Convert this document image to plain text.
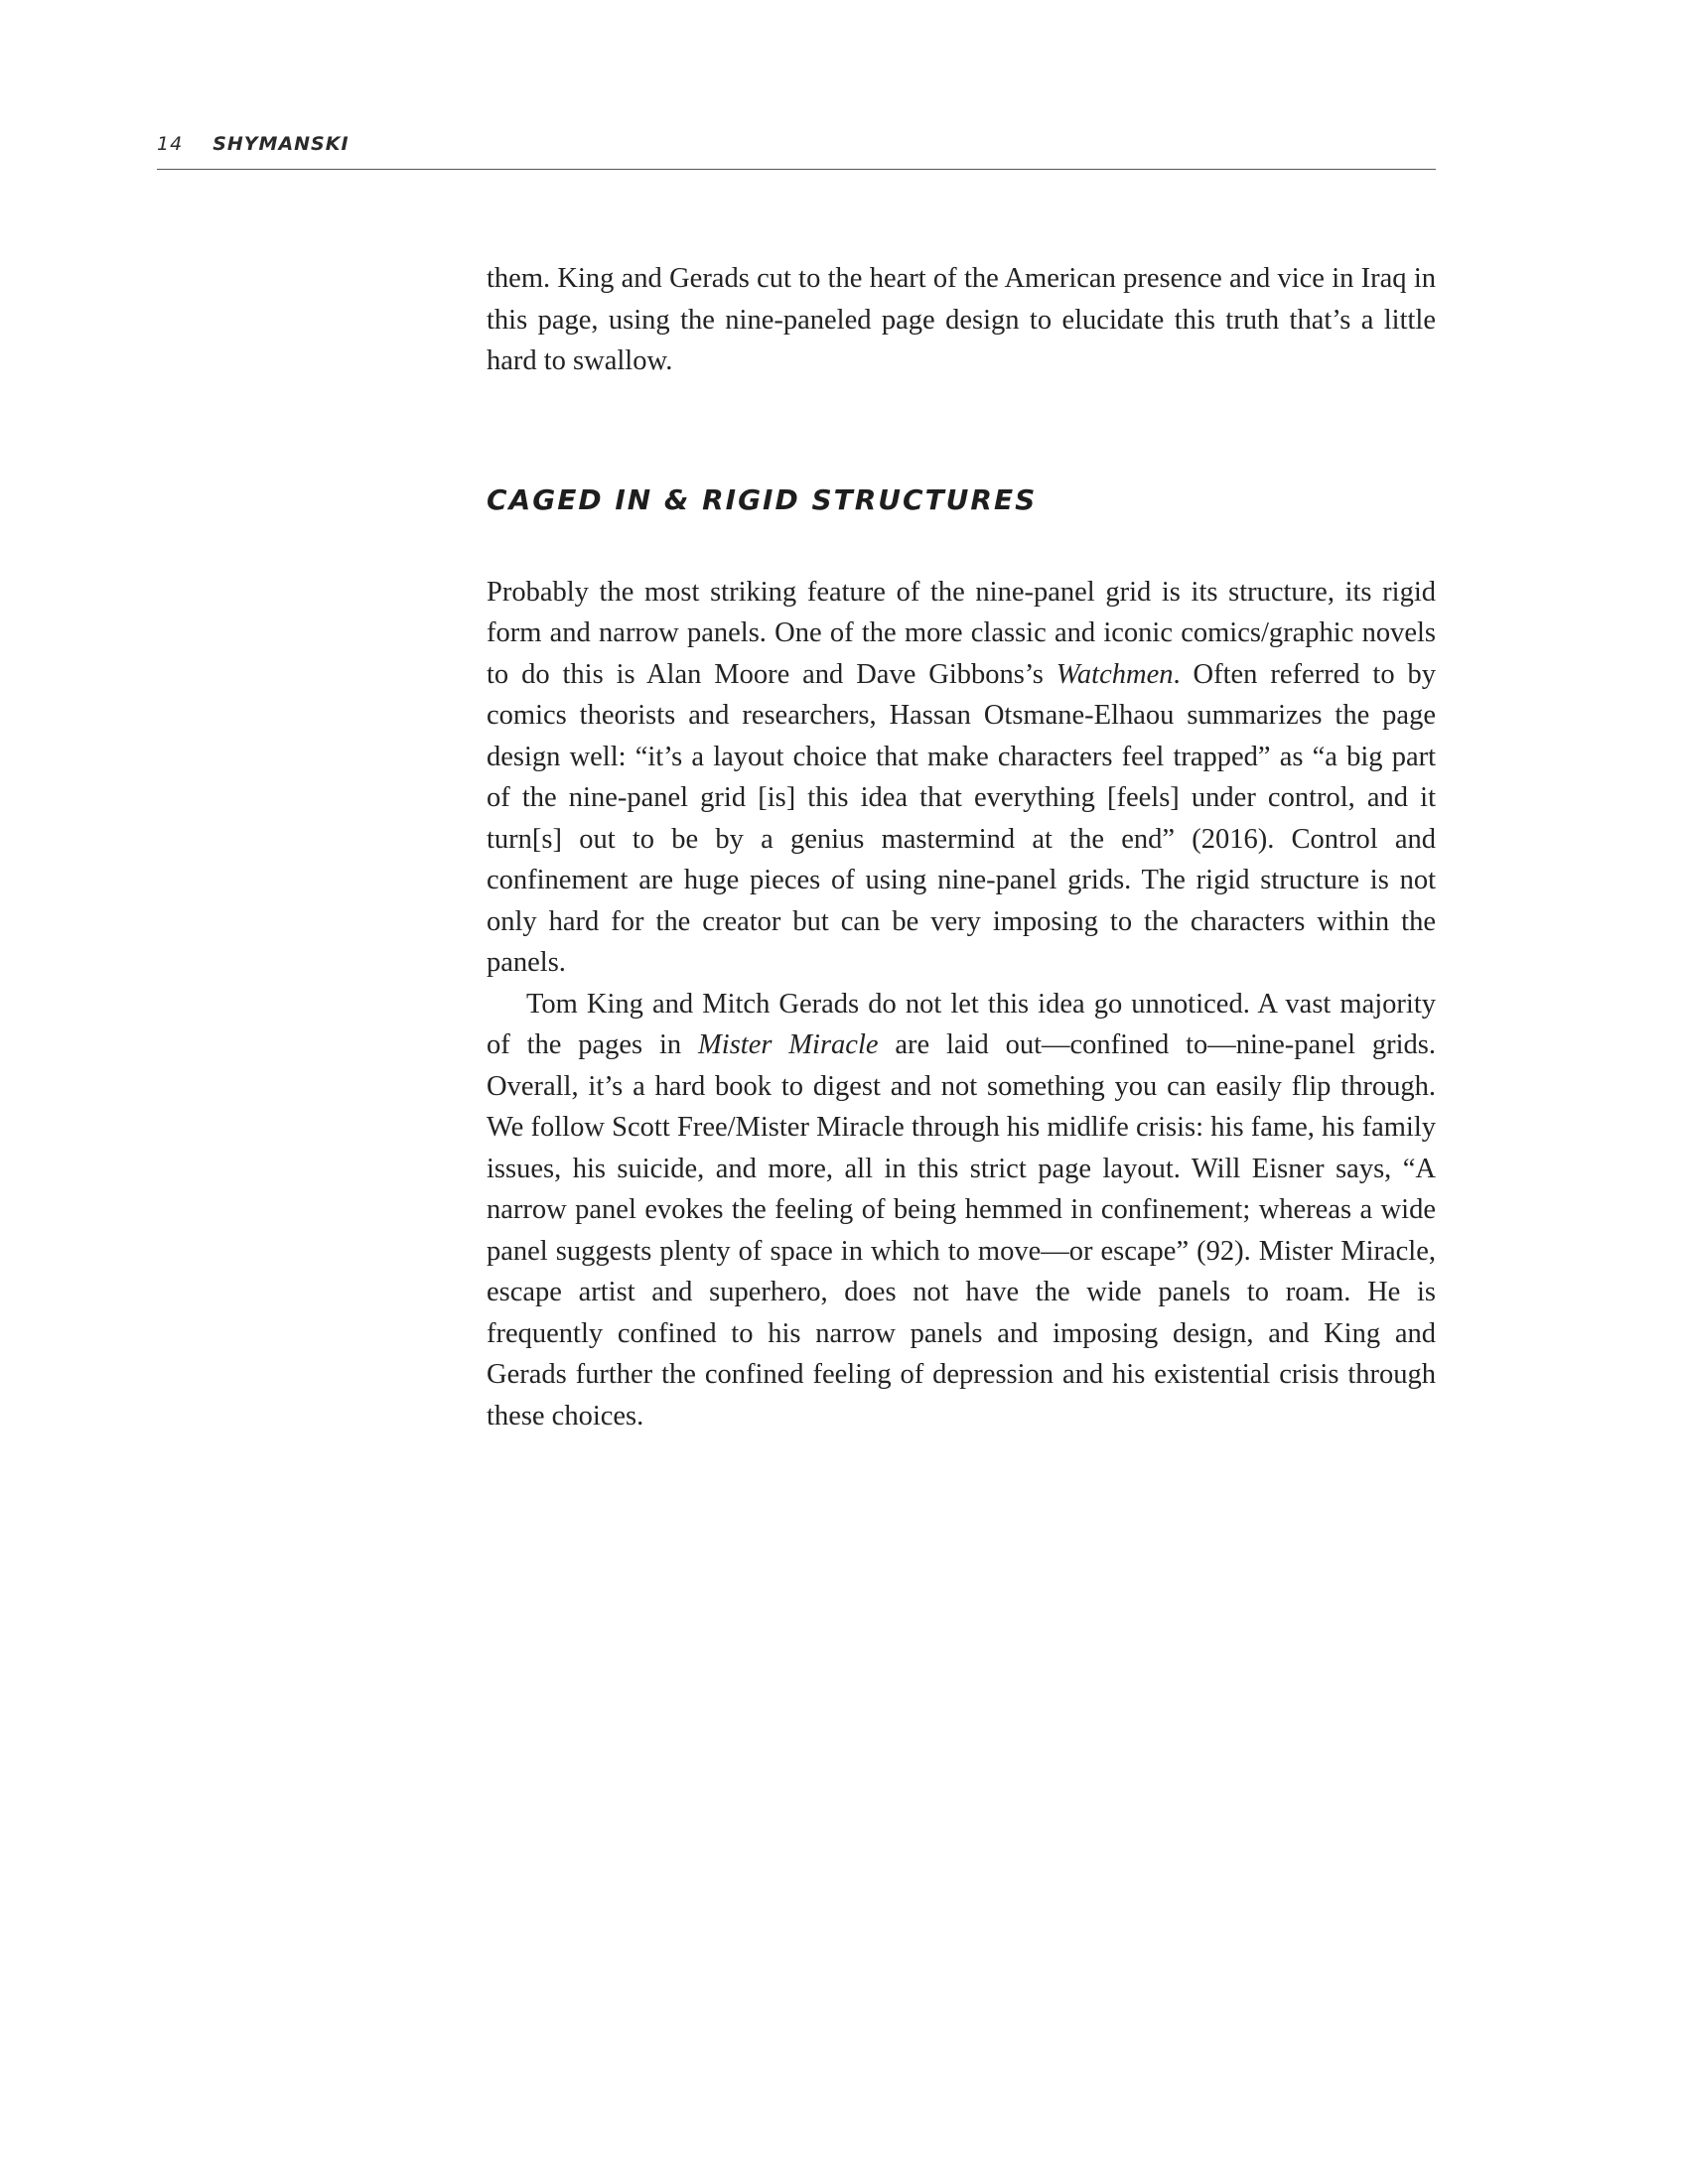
14 SHYMANSKI

them. King and Gerads cut to the heart of the American presence and vice in Iraq in this page, using the nine-paneled page design to elucidate this truth that’s a little hard to swallow.

CAGED IN & RIGID STRUCTURES

Probably the most striking feature of the nine-panel grid is its structure, its rigid form and narrow panels. One of the more classic and iconic comics/graphic novels to do this is Alan Moore and Dave Gibbons’s Watchmen. Often referred to by comics theorists and researchers, Hassan Otsmane-Elhaou summarizes the page design well: “it’s a layout choice that make characters feel trapped” as “a big part of the nine-panel grid [is] this idea that everything [feels] under control, and it turn[s] out to be by a genius mastermind at the end” (2016). Control and confinement are huge pieces of using nine-panel grids. The rigid structure is not only hard for the creator but can be very imposing to the characters within the panels.

Tom King and Mitch Gerads do not let this idea go unnoticed. A vast majority of the pages in Mister Miracle are laid out—confined to—nine-panel grids. Overall, it’s a hard book to digest and not something you can easily flip through. We follow Scott Free/Mister Miracle through his midlife crisis: his fame, his family issues, his suicide, and more, all in this strict page layout. Will Eisner says, “A narrow panel evokes the feeling of being hemmed in confinement; whereas a wide panel suggests plenty of space in which to move—or escape” (92). Mister Miracle, escape artist and superhero, does not have the wide panels to roam. He is frequently confined to his narrow panels and imposing design, and King and Gerads further the confined feeling of depression and his existential crisis through these choices.
